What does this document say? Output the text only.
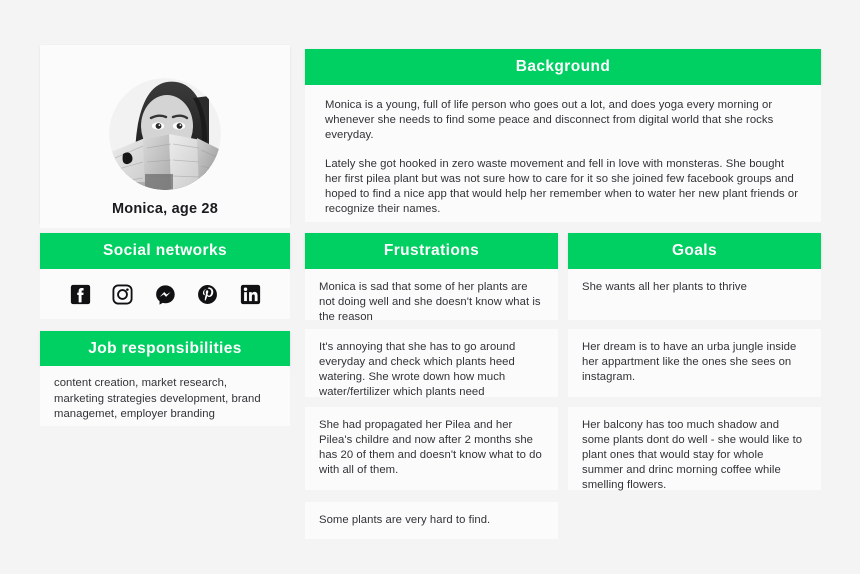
Monica, age 28
Social networks
Job responsibilities
content creation, market research, marketing strategies development, brand managemet, employer branding
Background

Monica is a young, full of life person who goes out a lot, and does yoga every morning or whenever she needs to find some peace and disconnect from digital world that she rocks everyday.

Lately she got hooked in zero waste movement and fell in love with monsteras. She bought her first pilea plant but was not sure how to care for it so she joined few facebook groups and hoped to find a nice app that would help her remember when to water her new plant friends or recognize their names.

Frustrations
Monica is sad that some of her plants are not doing well and she doesn't know what is the reason
It's annoying that she has to go around everyday and check which plants heed watering. She wrote down how much water/fertilizer which plants need
She had propagated her Pilea and her Pilea's childre and now after 2 months she has 20 of them and doesn't know what to do with all of them.
Some plants are very hard to find.
Goals
She wants all her plants to thrive
Her dream is to have an urba jungle inside her appartment like the ones she sees on instagram.
Her balcony has too much shadow and some plants dont do well - she would like to plant ones that would stay for whole summer and drinc morning coffee while smelling flowers.
